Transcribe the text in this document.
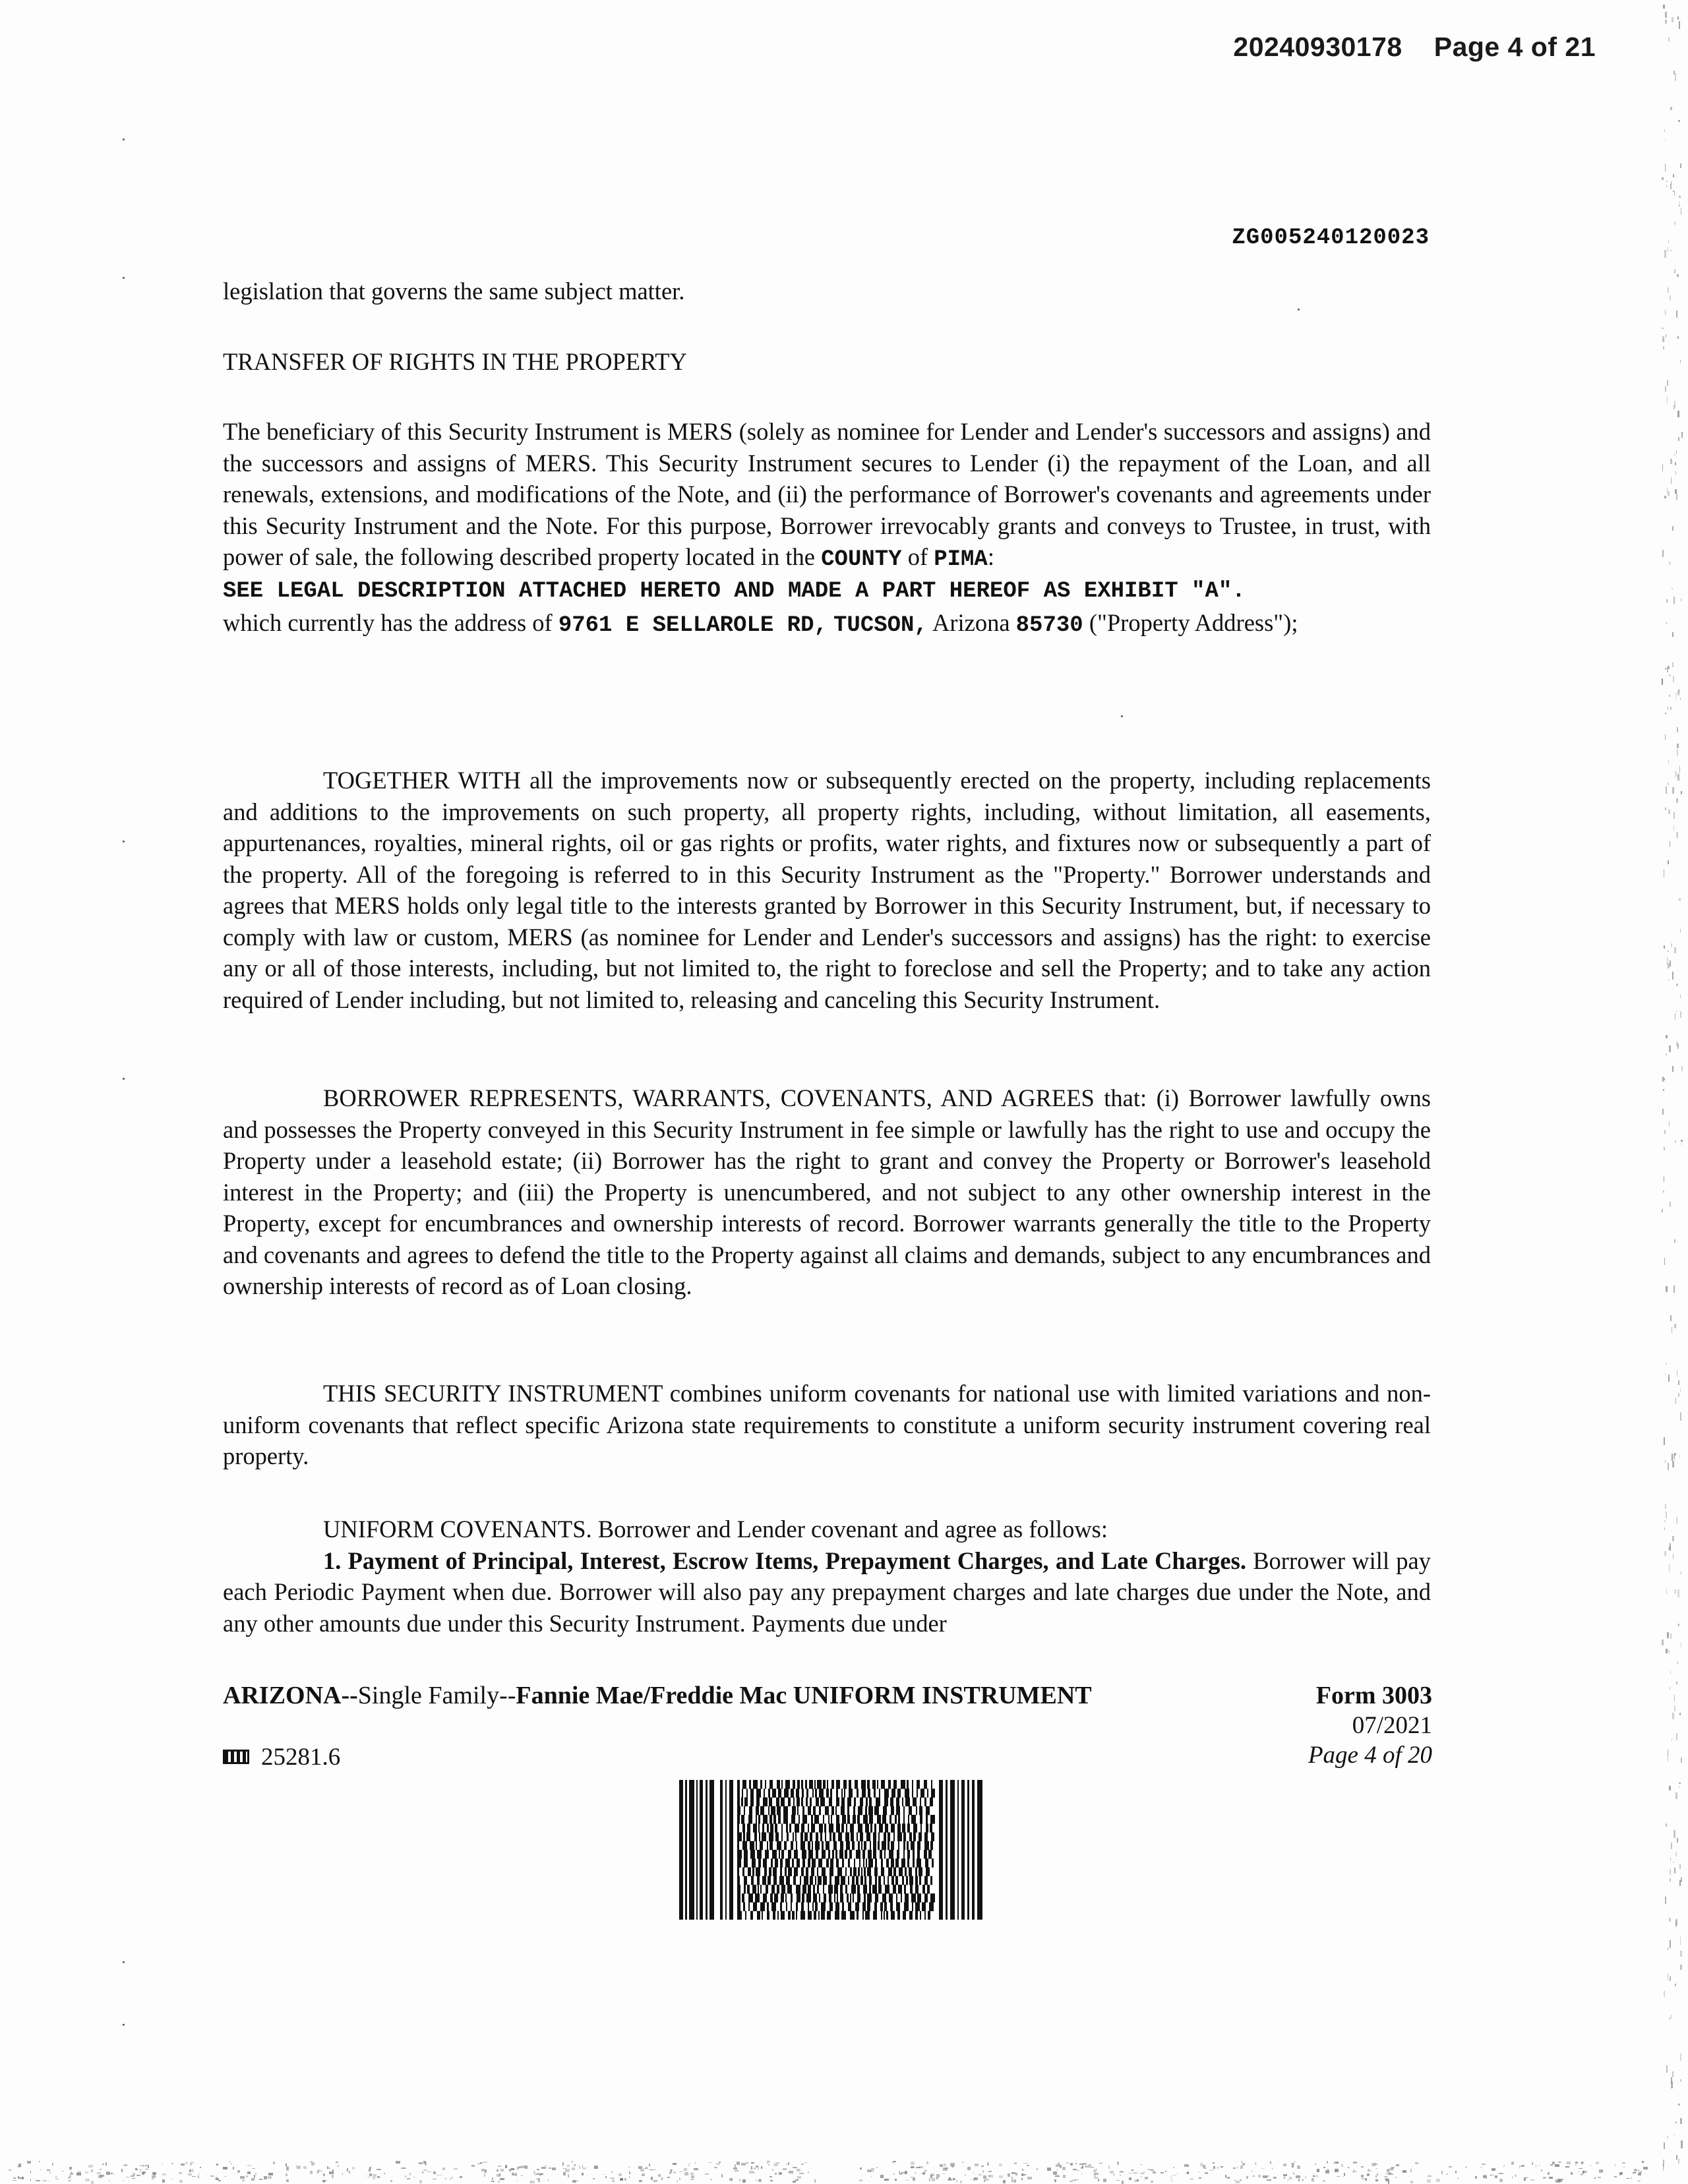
20240930178 Page 4 of 21
ZG005240120023

legislation that governs the same subject matter.

TRANSFER OF RIGHTS IN THE PROPERTY

The beneficiary of this Security Instrument is MERS (solely as nominee for Lender and Lender's successors and assigns) and the successors and assigns of MERS. This Security Instrument secures to Lender (i) the repayment of the Loan, and all renewals, extensions, and modifications of the Note, and (ii) the performance of Borrower's covenants and agreements under this Security Instrument and the Note. For this purpose, Borrower irrevocably grants and conveys to Trustee, in trust, with power of sale, the following described property located in the COUNTY of PIMA:

SEE LEGAL DESCRIPTION ATTACHED HERETO AND MADE A PART HEREOF AS EXHIBIT "A".

which currently has the address of 9761 E SELLAROLE RD, TUCSON, Arizona 85730 ("Property Address");

TOGETHER WITH all the improvements now or subsequently erected on the property, including replacements and additions to the improvements on such property, all property rights, including, without limitation, all easements, appurtenances, royalties, mineral rights, oil or gas rights or profits, water rights, and fixtures now or subsequently a part of the property. All of the foregoing is referred to in this Security Instrument as the "Property." Borrower understands and agrees that MERS holds only legal title to the interests granted by Borrower in this Security Instrument, but, if necessary to comply with law or custom, MERS (as nominee for Lender and Lender's successors and assigns) has the right: to exercise any or all of those interests, including, but not limited to, the right to foreclose and sell the Property; and to take any action required of Lender including, but not limited to, releasing and canceling this Security Instrument.

BORROWER REPRESENTS, WARRANTS, COVENANTS, AND AGREES that: (i) Borrower lawfully owns and possesses the Property conveyed in this Security Instrument in fee simple or lawfully has the right to use and occupy the Property under a leasehold estate; (ii) Borrower has the right to grant and convey the Property or Borrower's leasehold interest in the Property; and (iii) the Property is unencumbered, and not subject to any other ownership interest in the Property, except for encumbrances and ownership interests of record. Borrower warrants generally the title to the Property and covenants and agrees to defend the title to the Property against all claims and demands, subject to any encumbrances and ownership interests of record as of Loan closing.

THIS SECURITY INSTRUMENT combines uniform covenants for national use with limited variations and non-uniform covenants that reflect specific Arizona state requirements to constitute a uniform security instrument covering real property.

UNIFORM COVENANTS. Borrower and Lender covenant and agree as follows:

1. Payment of Principal, Interest, Escrow Items, Prepayment Charges, and Late Charges. Borrower will pay each Periodic Payment when due. Borrower will also pay any prepayment charges and late charges due under the Note, and any other amounts due under this Security Instrument. Payments due under

ARIZONA--Single Family--Fannie Mae/Freddie Mac UNIFORM INSTRUMENT	Form 3003
07/2021
Page 4 of 20
25281.6
